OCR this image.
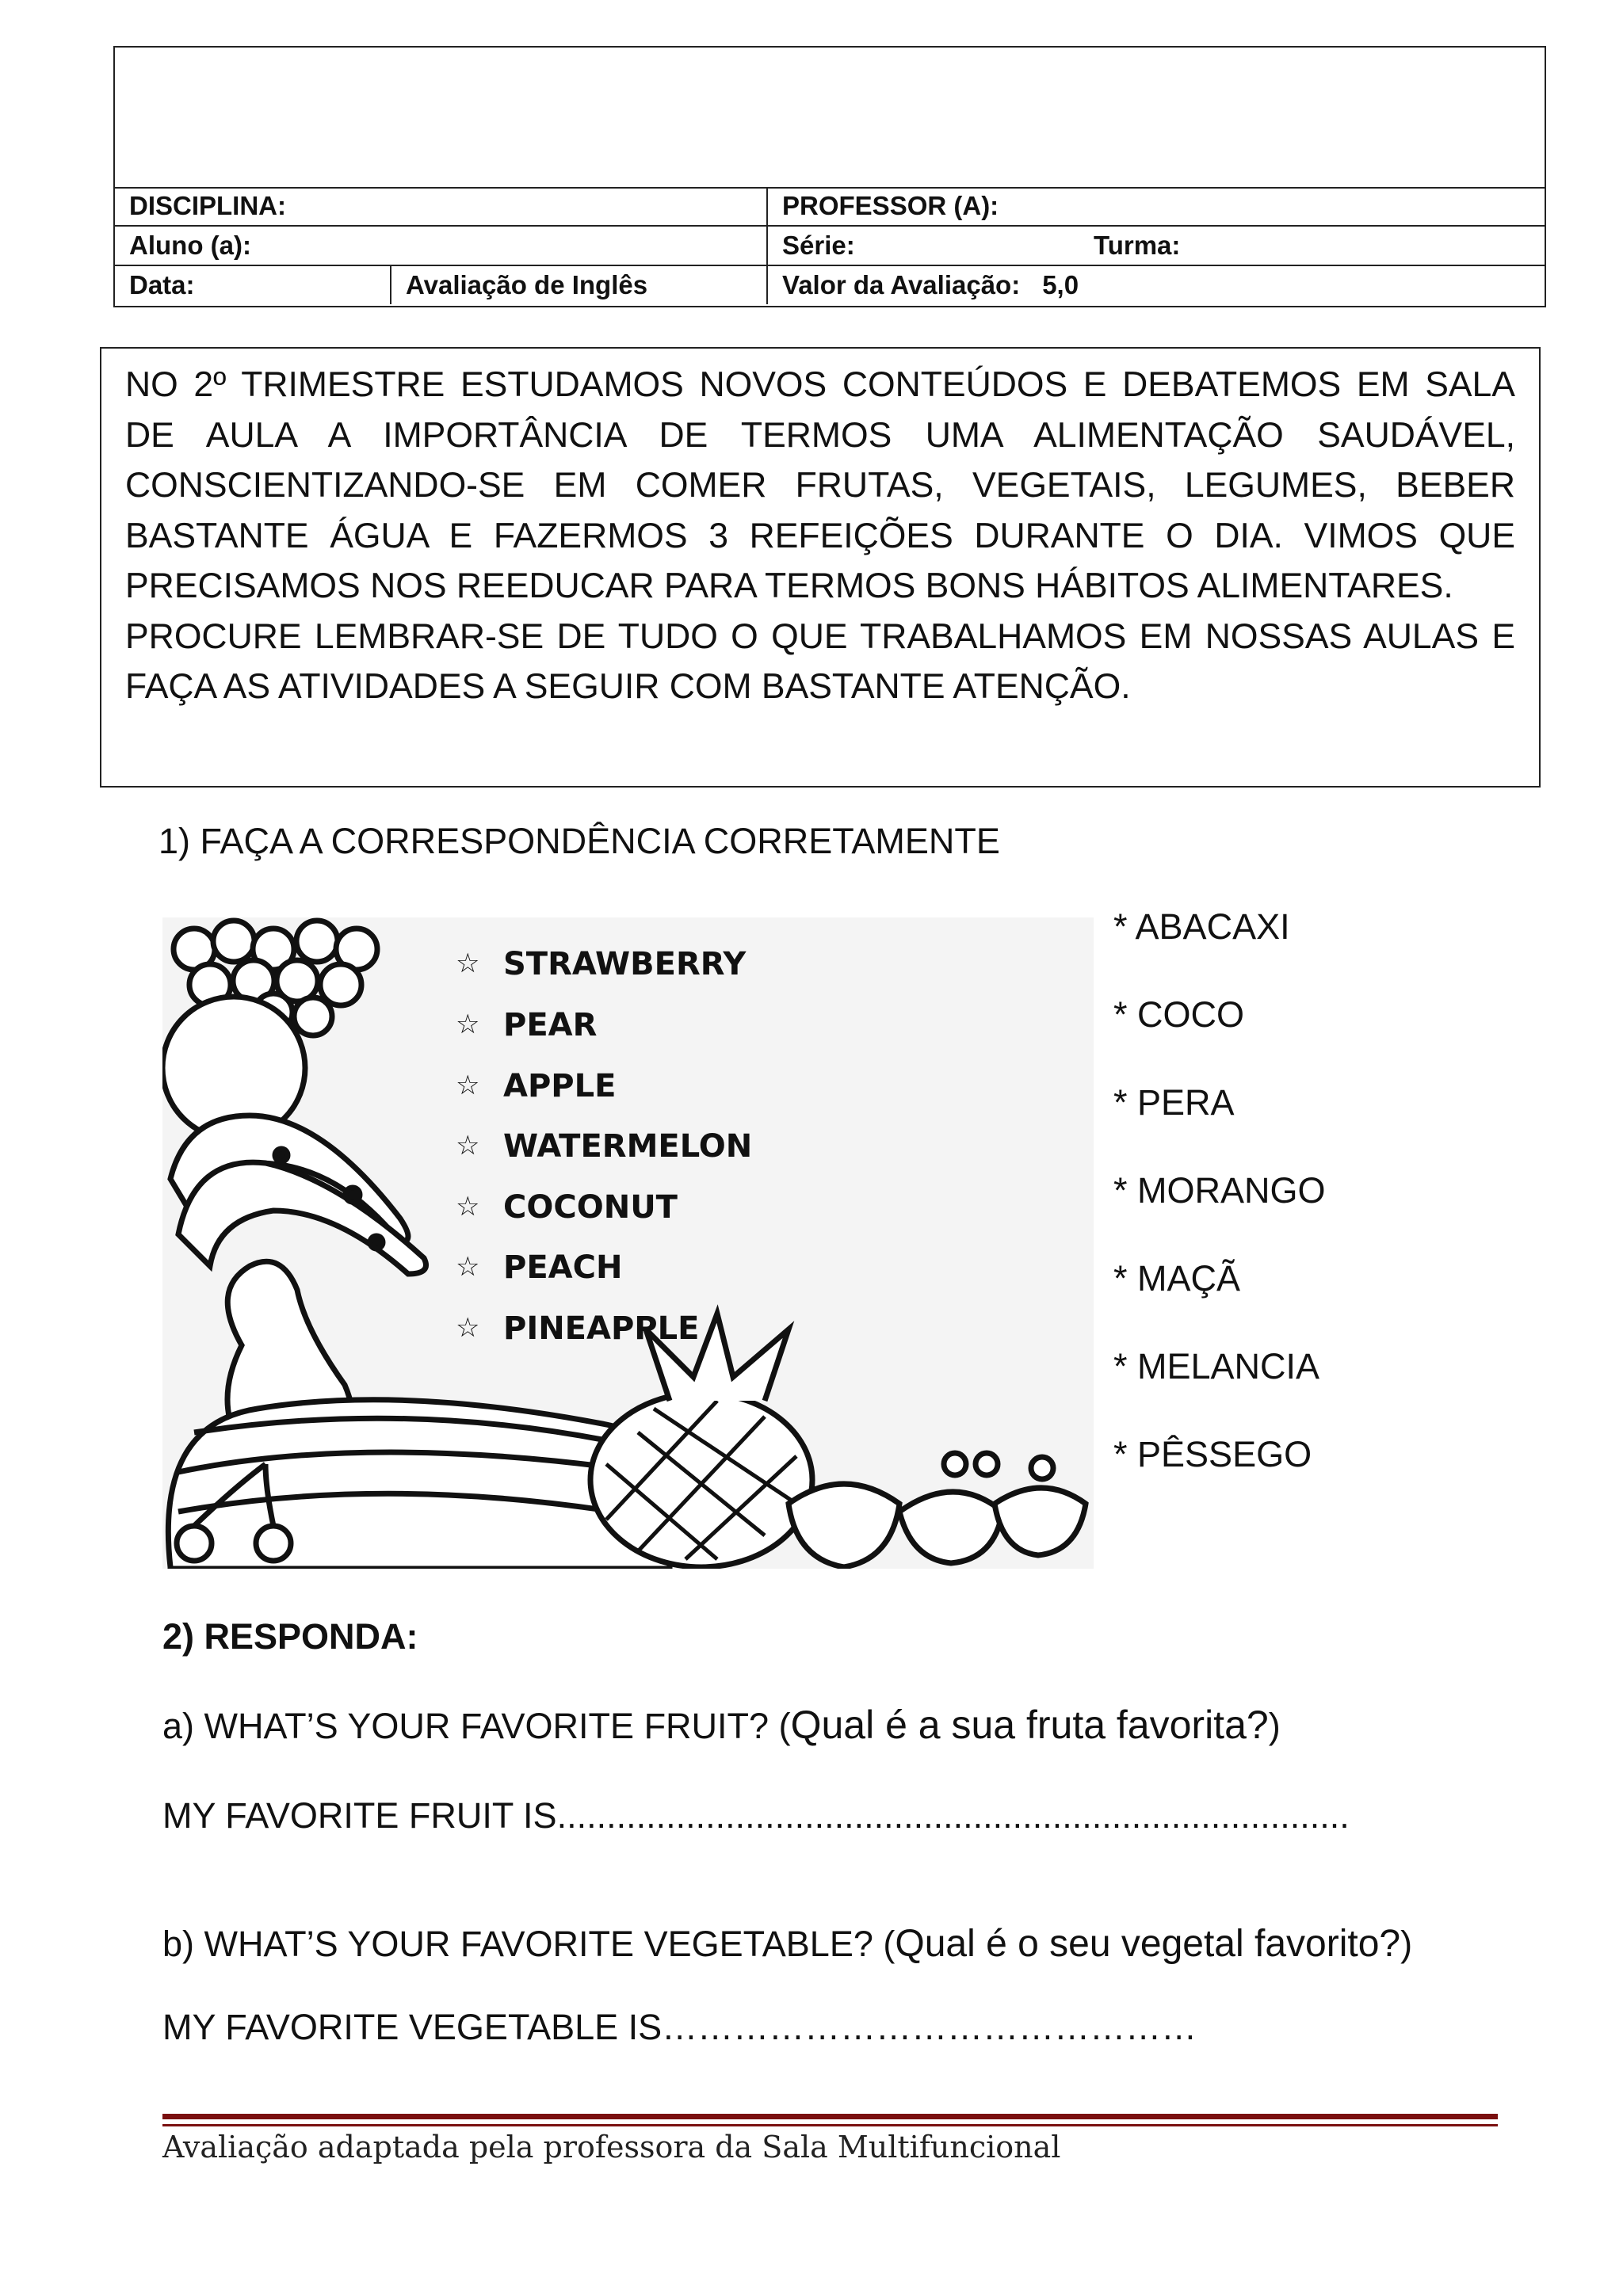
DISCIPLINA:	PROFESSOR (A):
Aluno (a):	Série:	Turma:
Data:	Avaliação de Inglês	Valor da Avaliação: 5,0

NO 2º TRIMESTRE ESTUDAMOS NOVOS CONTEÚDOS E DEBATEMOS EM SALA DE AULA A IMPORTÂNCIA DE TERMOS UMA ALIMENTAÇÃO SAUDÁVEL, CONSCIENTIZANDO-SE EM COMER FRUTAS, VEGETAIS, LEGUMES, BEBER BASTANTE ÁGUA E FAZERMOS 3 REFEIÇÕES DURANTE O DIA. VIMOS QUE PRECISAMOS NOS REEDUCAR PARA TERMOS BONS HÁBITOS ALIMENTARES.

PROCURE LEMBRAR-SE DE TUDO O QUE TRABALHAMOS EM NOSSAS AULAS E FAÇA AS ATIVIDADES A SEGUIR COM BASTANTE ATENÇÃO.

1) FAÇA A CORRESPONDÊNCIA CORRETAMENTE
☆ STRAWBERRY
☆ PEAR
☆ APPLE
☆ WATERMELON
☆ COCONUT
☆ PEACH
☆ PINEAPPLE
* ABACAXI
* COCO
* PERA
* MORANGO
* MAÇÃ
* MELANCIA
* PÊSSEGO
2) RESPONDA:
a) WHAT’S YOUR FAVORITE FRUIT? (Qual é a sua fruta favorita?)
MY FAVORITE FRUIT IS................................................................................
b) WHAT’S YOUR FAVORITE VEGETABLE? (Qual é o seu vegetal favorito?)
MY FAVORITE VEGETABLE IS………………………………………
Avaliação adaptada pela professora da Sala Multifuncional
